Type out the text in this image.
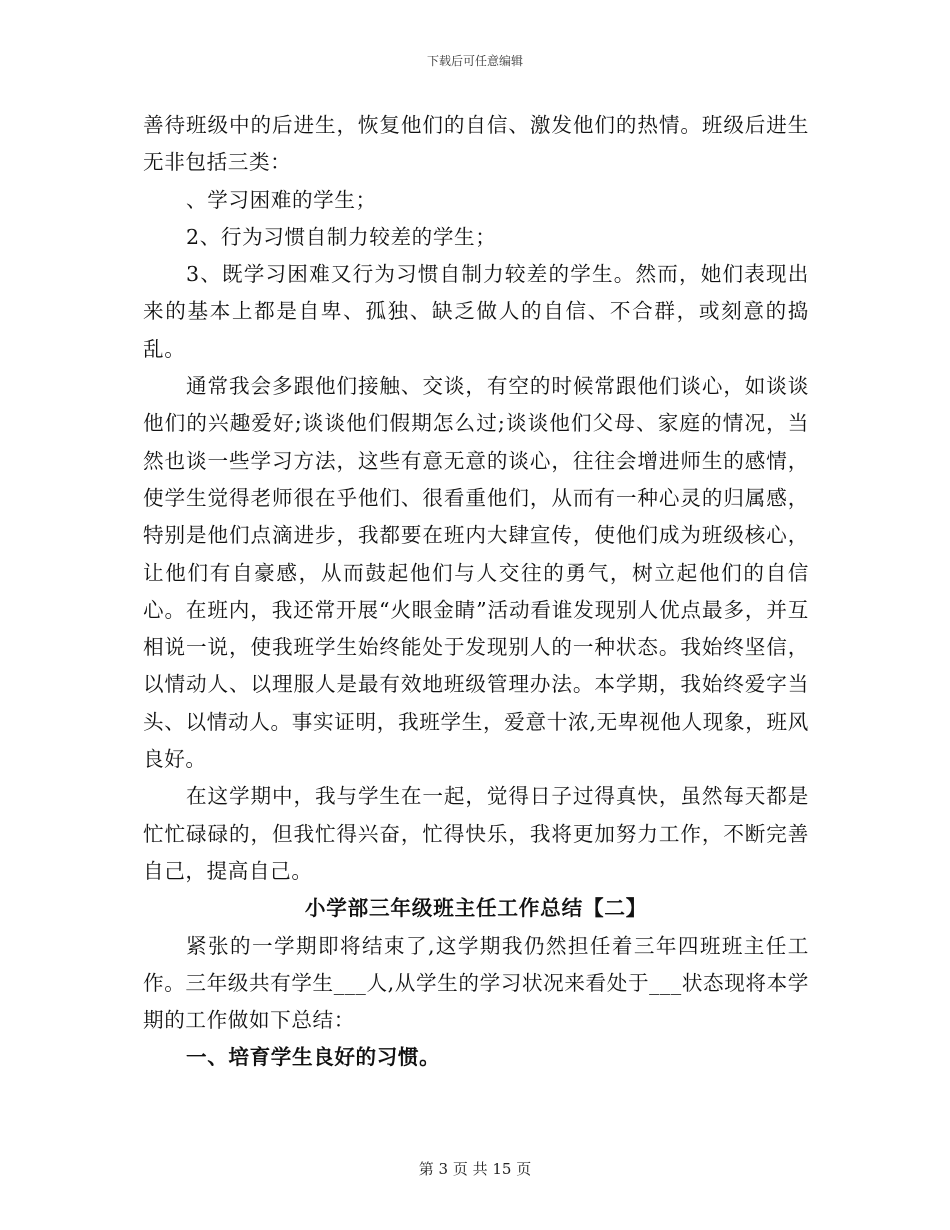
下载后可任意编辑

善待班级中的后进生，恢复他们的自信、激发他们的热情。班级后进生无非包括三类：

、学习困难的学生；

2、行为习惯自制力较差的学生；

3、既学习困难又行为习惯自制力较差的学生。然而，她们表现出来的基本上都是自卑、孤独、缺乏做人的自信、不合群，或刻意的捣乱。

通常我会多跟他们接触、交谈，有空的时候常跟他们谈心，如谈谈他们的兴趣爱好;谈谈他们假期怎么过;谈谈他们父母、家庭的情况，当然也谈一些学习方法，这些有意无意的谈心，往往会增进师生的感情，使学生觉得老师很在乎他们、很看重他们，从而有一种心灵的归属感，特别是他们点滴进步，我都要在班内大肆宣传，使他们成为班级核心，让他们有自豪感，从而鼓起他们与人交往的勇气，树立起他们的自信心。在班内，我还常开展“火眼金睛”活动看谁发现别人优点最多，并互相说一说，使我班学生始终能处于发现别人的一种状态。我始终坚信，以情动人、以理服人是最有效地班级管理办法。本学期，我始终爱字当头、以情动人。事实证明，我班学生，爱意十浓,无卑视他人现象，班风良好。

在这学期中，我与学生在一起，觉得日子过得真快，虽然每天都是忙忙碌碌的，但我忙得兴奋，忙得快乐，我将更加努力工作，不断完善自己，提高自己。

小学部三年级班主任工作总结【二】

紧张的一学期即将结束了,这学期我仍然担任着三年四班班主任工作。三年级共有学生___人,从学生的学习状况来看处于___状态现将本学期的工作做如下总结：

一、培育学生良好的习惯。

第 3 页 共 15 页
